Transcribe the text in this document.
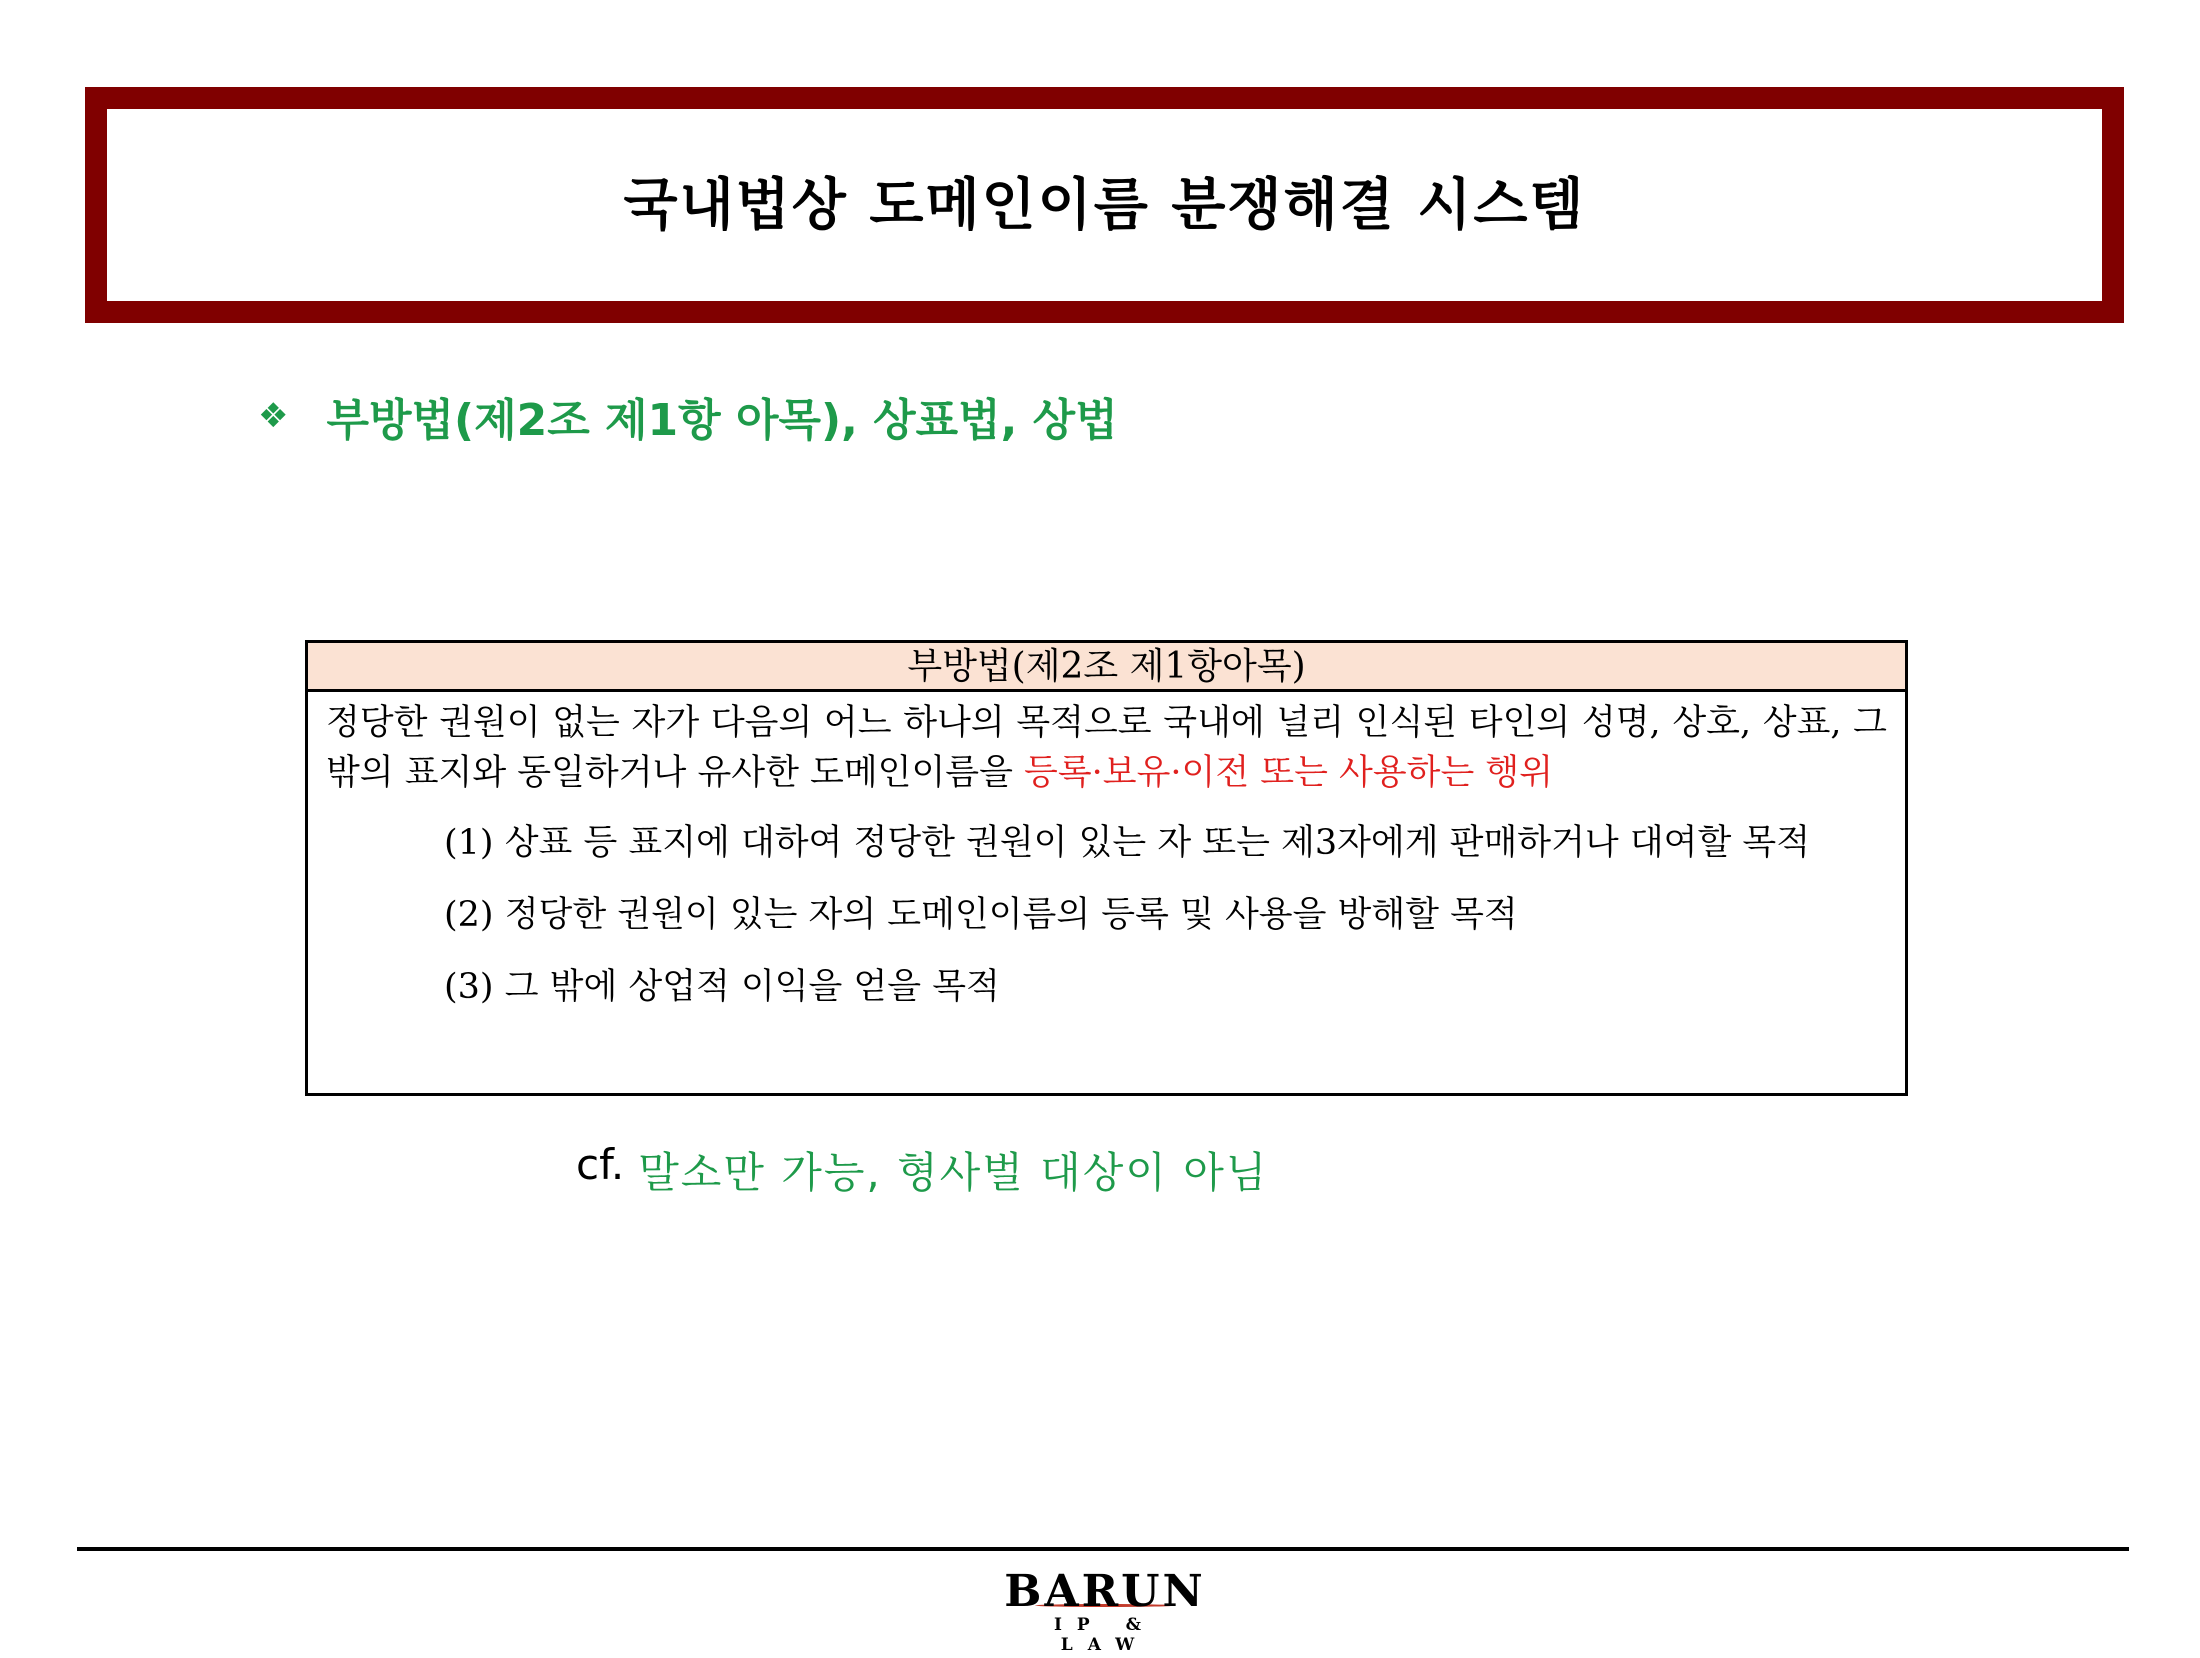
국내법상 도메인이름 분쟁해결 시스템
❖ 부방법(제2조 제1항 아목), 상표법, 상법
부방법(제2조 제1항아목)
정당한 권원이 없는 자가 다음의 어느 하나의 목적으로 국내에 널리 인식된 타인의 성명, 상호, 상표, 그 밖의 표지와 동일하거나 유사한 도메인이름을 등록·보유·이전 또는 사용하는 행위
(1) 상표 등 표지에 대하여 정당한 권원이 있는 자 또는 제3자에게 판매하거나 대여할 목적
(2) 정당한 권원이 있는 자의 도메인이름의 등록 및 사용을 방해할 목적
(3) 그 밖에 상업적 이익을 얻을 목적
cf. 말소만 가능, 형사벌 대상이 아님
BARUN
IP & LAW
